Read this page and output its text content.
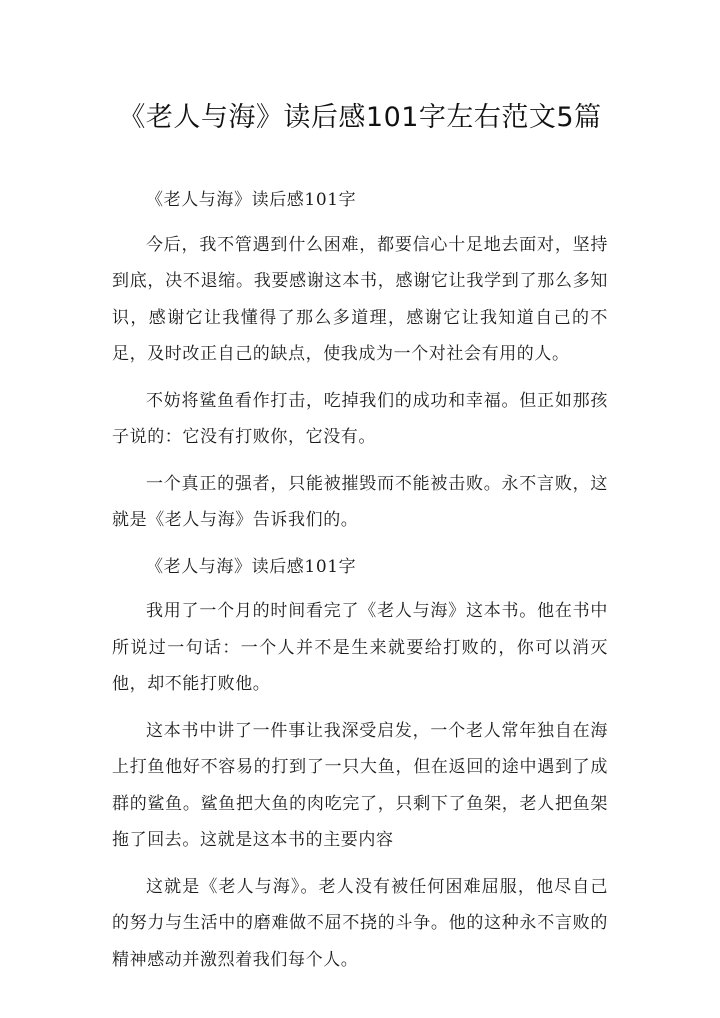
《老人与海》读后感101字左右范文5篇

《老人与海》读后感101字

今后，我不管遇到什么困难，都要信心十足地去面对，坚持到底，决不退缩。我要感谢这本书，感谢它让我学到了那么多知识，感谢它让我懂得了那么多道理，感谢它让我知道自己的不足，及时改正自己的缺点，使我成为一个对社会有用的人。

不妨将鲨鱼看作打击，吃掉我们的成功和幸福。但正如那孩子说的：它没有打败你，它没有。

一个真正的强者，只能被摧毁而不能被击败。永不言败，这就是《老人与海》告诉我们的。

《老人与海》读后感101字

我用了一个月的时间看完了《老人与海》这本书。他在书中所说过一句话：一个人并不是生来就要给打败的，你可以消灭他，却不能打败他。

这本书中讲了一件事让我深受启发，一个老人常年独自在海上打鱼他好不容易的打到了一只大鱼，但在返回的途中遇到了成群的鲨鱼。鲨鱼把大鱼的肉吃完了，只剩下了鱼架，老人把鱼架拖了回去。这就是这本书的主要内容

这就是《老人与海》。老人没有被任何困难屈服，他尽自己的努力与生活中的磨难做不屈不挠的斗争。他的这种永不言败的精神感动并激烈着我们每个人。
